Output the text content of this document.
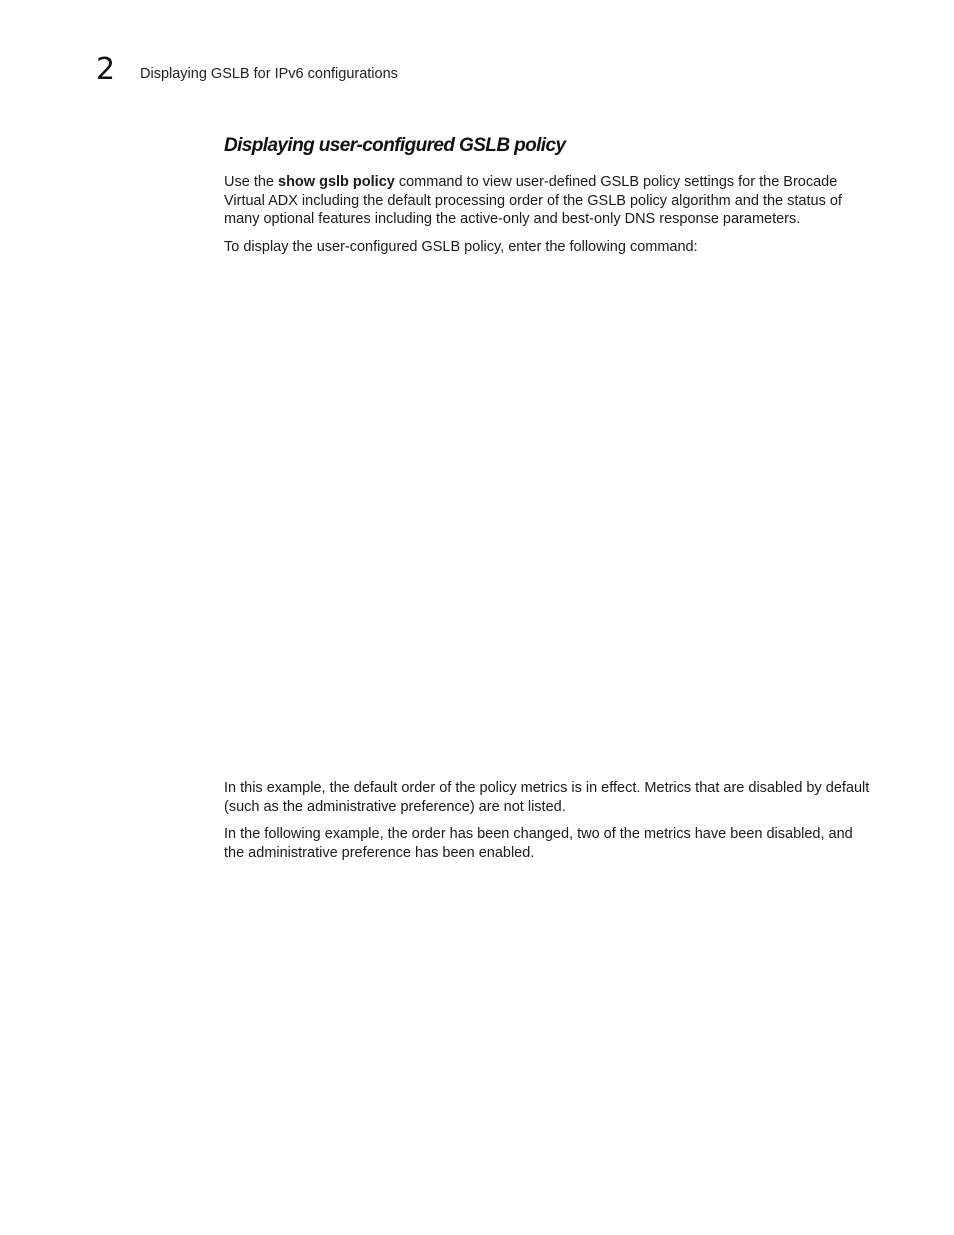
2 Displaying GSLB for IPv6 configurations
Displaying user-configured GSLB policy

Use the show gslb policy command to view user-defined GSLB policy settings for the Brocade Virtual ADX including the default processing order of the GSLB policy algorithm and the status of many optional features including the active-only and best-only DNS response parameters.

To display the user-configured GSLB policy, enter the following command:

In this example, the default order of the policy metrics is in effect. Metrics that are disabled by default (such as the administrative preference) are not listed.

In the following example, the order has been changed, two of the metrics have been disabled, and the administrative preference has been enabled.
